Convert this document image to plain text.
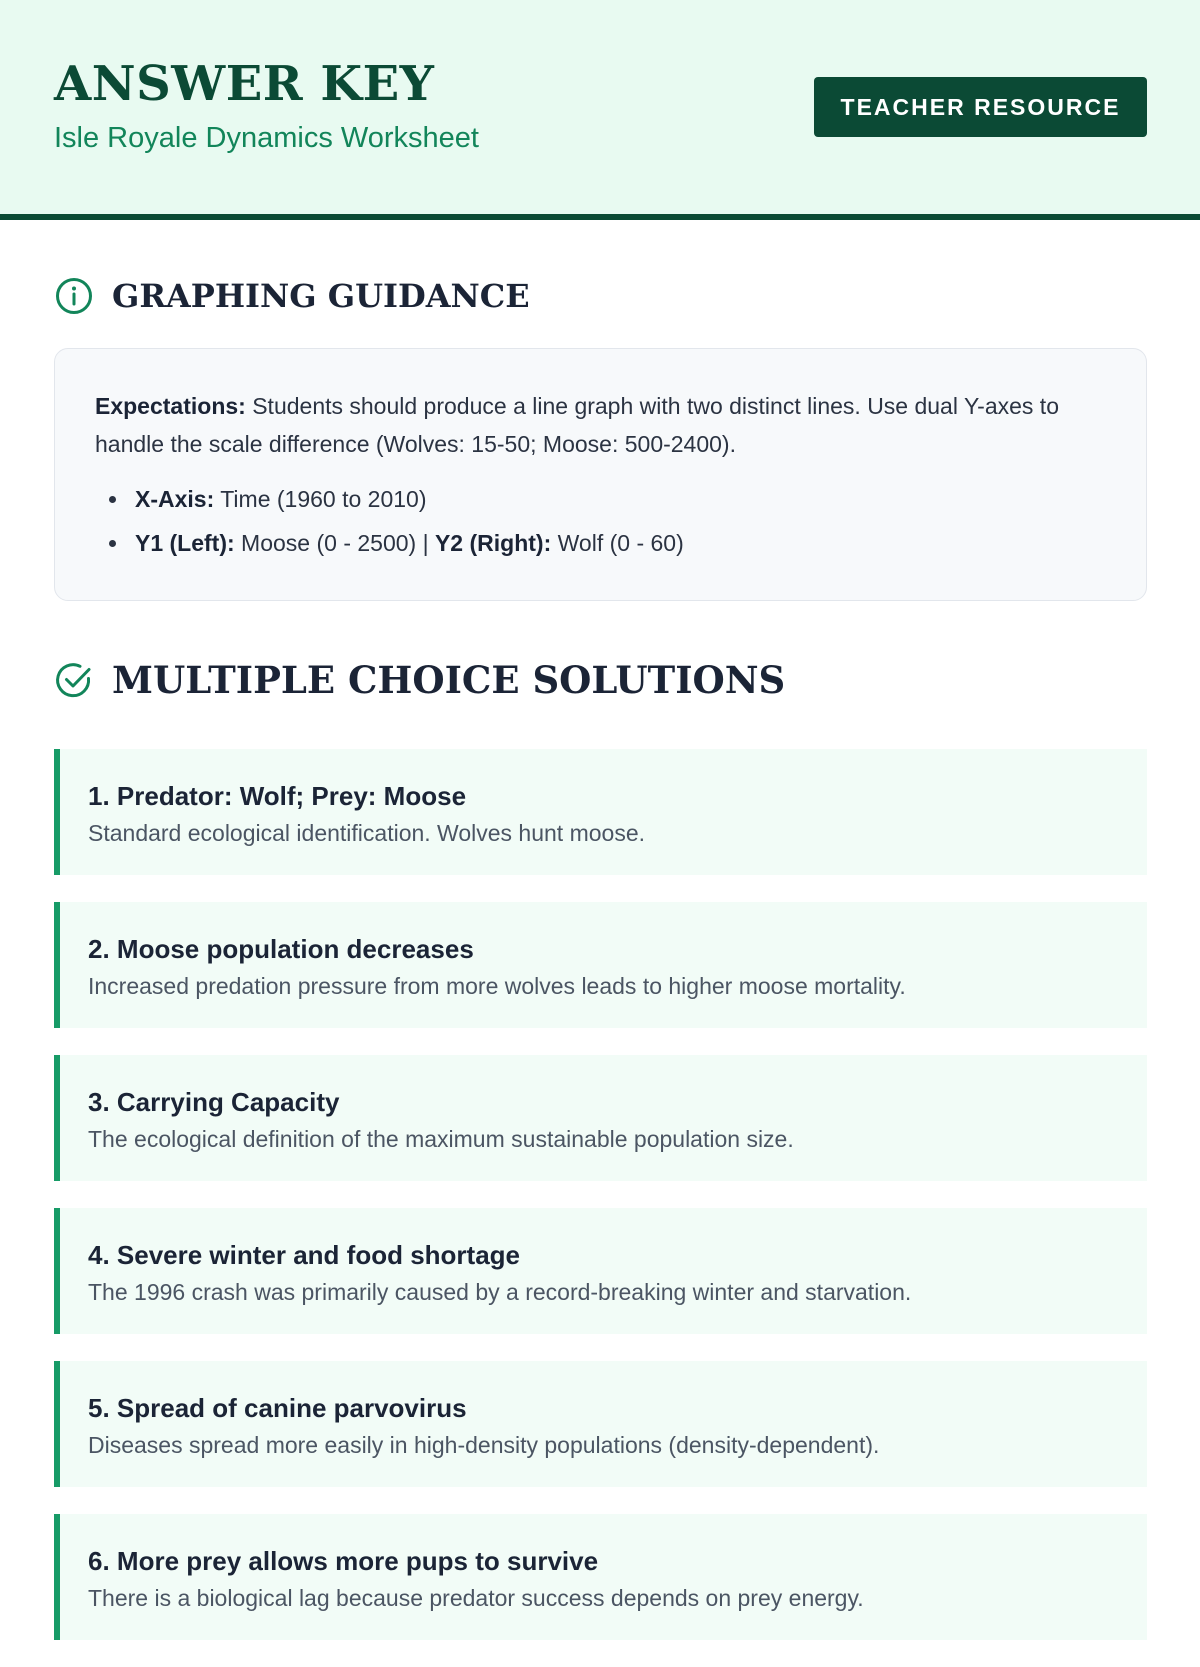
ANSWER KEY
Isle Royale Dynamics Worksheet
TEACHER RESOURCE
GRAPHING GUIDANCE

Expectations: Students should produce a line graph with two distinct lines. Use dual Y-axes to handle the scale difference (Wolves: 15-50; Moose: 500-2400).

X-Axis: Time (1960 to 2010)
Y1 (Left): Moose (0 - 2500) | Y2 (Right): Wolf (0 - 60)
MULTIPLE CHOICE SOLUTIONS
1. Predator: Wolf; Prey: Moose
Standard ecological identification. Wolves hunt moose.
2. Moose population decreases
Increased predation pressure from more wolves leads to higher moose mortality.
3. Carrying Capacity
The ecological definition of the maximum sustainable population size.
4. Severe winter and food shortage
The 1996 crash was primarily caused by a record-breaking winter and starvation.
5. Spread of canine parvovirus
Diseases spread more easily in high-density populations (density-dependent).
6. More prey allows more pups to survive
There is a biological lag because predator success depends on prey energy.
